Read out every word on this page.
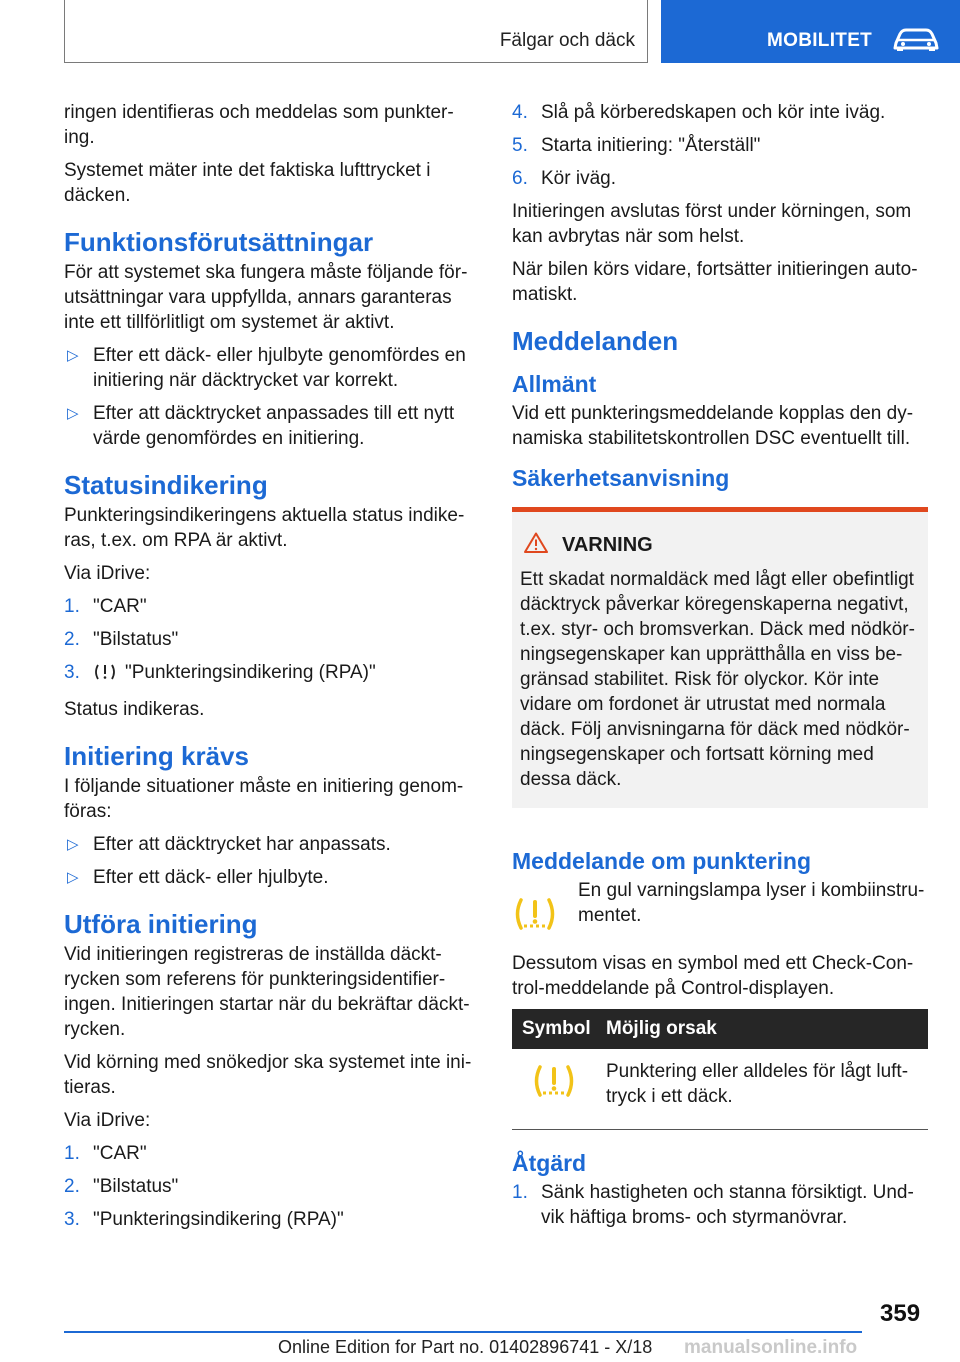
Fälgar och däck	MOBILITET

ringen identifieras och meddelas som punkter- ing.

Systemet mäter inte det faktiska lufttrycket i däcken.

Funktionsförutsättningar

För att systemet ska fungera måste följande för- utsättningar vara uppfyllda, annars garanteras inte ett tillförlitligt om systemet är aktivt.

▷ Efter ett däck- eller hjulbyte genomfördes en initiering när däcktrycket var korrekt.
▷ Efter att däcktrycket anpassades till ett nytt värde genomfördes en initiering.
Statusindikering

Punkteringsindikeringens aktuella status indike- ras, t.ex. om RPA är aktivt.

Via iDrive:

1. "CAR"
2. "Bilstatus"
3. "Punkteringsindikering (RPA)"

Status indikeras.

Initiering krävs

I följande situationer måste en initiering genom- föras:

▷ Efter att däcktrycket har anpassats.
▷ Efter ett däck- eller hjulbyte.
Utföra initiering

Vid initieringen registreras de inställda däckt- rycken som referens för punkteringsidentifier- ingen. Initieringen startar när du bekräftar däckt- rycken.

Vid körning med snökedjor ska systemet inte ini- tieras.

Via iDrive:

1. "CAR"
2. "Bilstatus"
3. "Punkteringsindikering (RPA)"
4. Slå på körberedskapen och kör inte iväg.
5. Starta initiering: "Återställ"
6. Kör iväg.

Initieringen avslutas först under körningen, som kan avbrytas när som helst.

När bilen körs vidare, fortsätter initieringen auto- matiskt.

Meddelanden
Allmänt

Vid ett punkteringsmeddelande kopplas den dy- namiska stabilitetskontrollen DSC eventuellt till.

Säkerhetsanvisning
VARNING

Ett skadat normaldäck med lågt eller obefintligt däcktryck påverkar köregenskaperna negativt, t.ex. styr- och bromsverkan. Däck med nödkör- ningsegenskaper kan upprätthålla en viss be- gränsad stabilitet. Risk för olyckor. Kör inte vidare om fordonet är utrustat med normala däck. Följ anvisningarna för däck med nödkör- ningsegenskaper och fortsatt körning med dessa däck.

Meddelande om punktering

En gul varningslampa lyser i kombiinstru- mentet.

Dessutom visas en symbol med ett Check-Con- trol-meddelande på Control-displayen.

Symbol	Möjlig orsak
	Punktering eller alldeles för lågt luft- tryck i ett däck.
Åtgärd
1. Sänk hastigheten och stanna försiktigt. Und- vik häftiga broms- och styrmanövrar.
359
Online Edition for Part no. 01402896741 - X/18 manualsonline.info
